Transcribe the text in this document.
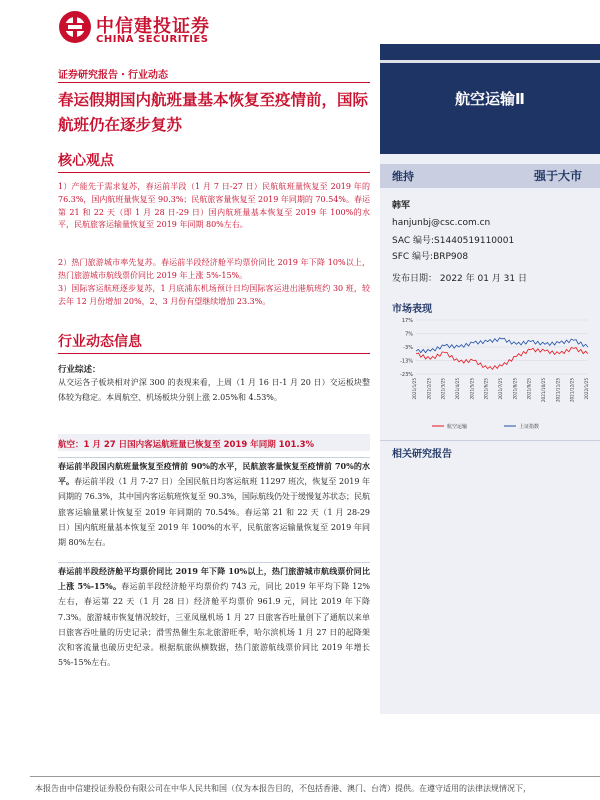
中信建投证券
CHINA SECURITIES
证券研究报告・行业动态
春运假期国内航班量基本恢复至疫情前，国际航班仍在逐步复苏
航空运输Ⅱ
维持	强于大市
韩军
hanjunbj@csc.com.cn
SAC 编号:S1440519110001
SFC 编号:BRP908
发布日期： 2022 年 01 月 31 日
市场表现
17%
7%
-3%
-13%
-23%
2021/1/25 2021/2/25 2021/3/25 2021/4/25 2021/5/25 2021/6/25 2021/7/25 2021/8/25 2021/9/25 2021/10/25 2021/11/25 2021/12/25 2022/1/25
航空运输	上证指数
相关研究报告
核心观点
1）产能先于需求复苏，春运前半段（1 月 7 日-27 日）民航航班量恢复至 2019 年的 76.3%，国内航班量恢复至 90.3%；民航旅客量恢复至 2019 年同期的 70.54%。春运第 21 和 22 天（即 1 月 28 日-29 日）国内航班量基本恢复至 2019 年 100%的水平，民航旅客运输量恢复至 2019 年同期 80%左右。
2）热门旅游城市率先复苏。春运前半段经济舱平均票价同比 2019 年下降 10%以上，热门旅游城市航线票价同比 2019 年上涨 5%-15%。
3）国际客运航班逐步复苏，1 月底浦东机场预计日均国际客运进出港航班约 30 班，较去年 12 月份增加 20%，2、3 月份有望继续增加 23.3%。
行业动态信息
行业综述：
从交运各子板块相对沪深 300 的表现来看，上周（1 月 16 日-1 月 20 日）交运板块整体较为稳定。本周航空、机场板块分别上涨 2.05%和 4.53%。
航空：1 月 27 日国内客运航班量已恢复至 2019 年同期 101.3%
春运前半段国内航班量恢复至疫情前 90%的水平，民航旅客量恢复至疫情前 70%的水平。春运前半段（1 月 7-27 日）全国民航日均客运航班 11297 班次，恢复至 2019 年同期的 76.3%，其中国内客运航班恢复至 90.3%，国际航线仍处于缓慢复苏状态；民航旅客运输量累计恢复至 2019 年同期的 70.54%。春运第 21 和 22 天（1 月 28-29 日）国内航班量基本恢复至 2019 年 100%的水平，民航旅客运输量恢复至 2019 年同期 80%左右。
春运前半段经济舱平均票价同比 2019 年下降 10%以上，热门旅游城市航线票价同比上涨 5%-15%。春运前半段经济舱平均票价约 743 元，同比 2019 年平均下降 12%左右，春运第 22 天（1 月 28 日）经济舱平均票价 961.9 元，同比 2019 年下降 7.3%。旅游城市恢复情况较好，三亚凤凰机场 1 月 27 日旅客吞吐量创下了通航以来单日旅客吞吐量的历史记录；滑雪热催生东北旅游旺季，哈尔滨机场 1 月 27 日的起降架次和客流量也破历史纪录。根据航旅纵横数据，热门旅游航线票价同比 2019 年增长 5%-15%左右。
本报告由中信建投证券股份有限公司在中华人民共和国（仅为本报告目的，不包括香港、澳门、台湾）提供。在遵守适用的法律法规情况下，
